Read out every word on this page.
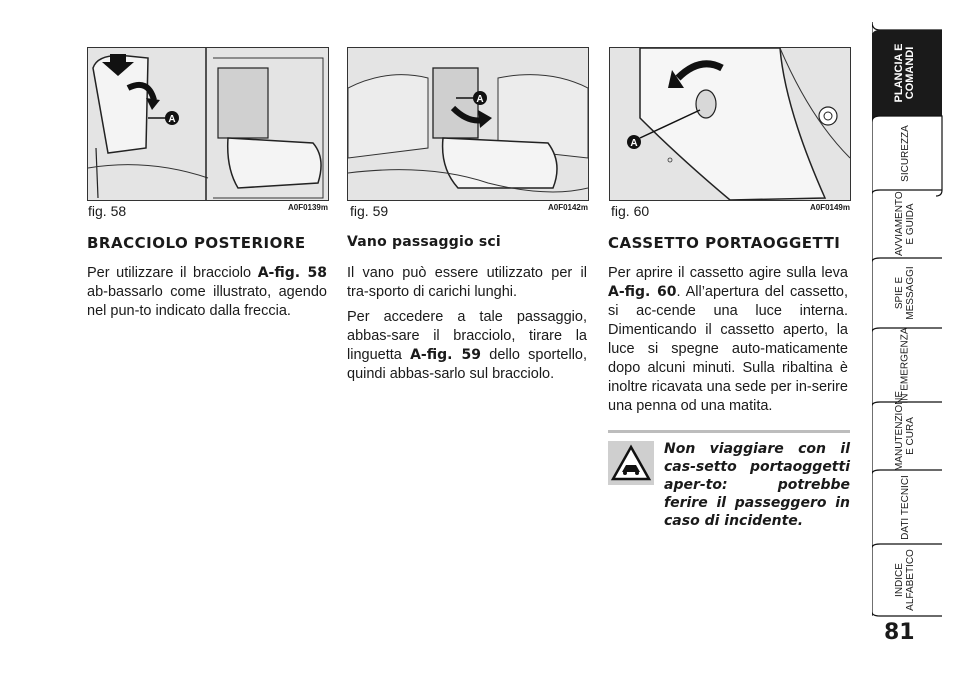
A
fig. 58	A0F0139m
A
fig. 59	A0F0142m
A
fig. 60	A0F0149m
BRACCIOLO POSTERIORE
Per utilizzare il bracciolo A-fig. 58 ab-bassarlo come illustrato, agendo nel pun-to indicato dalla freccia.
Vano passaggio sci
Il vano può essere utilizzato per il tra-sporto di carichi lunghi.
Per accedere a tale passaggio, abbas-sare il bracciolo, tirare la linguetta A-fig. 59 dello sportello, quindi abbas-sarlo sul bracciolo.
CASSETTO PORTAOGGETTI
Per aprire il cassetto agire sulla leva A-fig. 60. All’apertura del cassetto, si ac-cende una luce interna. Dimenticando il cassetto aperto, la luce si spegne auto-maticamente dopo alcuni minuti. Sulla ribaltina è inoltre ricavata una sede per in-serire una penna od una matita.
Non viaggiare con il cas-setto portaoggetti aper-to: potrebbe ferire il passeggero in caso di incidente.
PLANCIA E COMANDI
SICUREZZA
AVVIAMENTO E GUIDA
SPIE E MESSAGGI
IN EMERGENZA
MANUTENZIONE E CURA
DATI TECNICI
INDICE ALFABETICO
81
